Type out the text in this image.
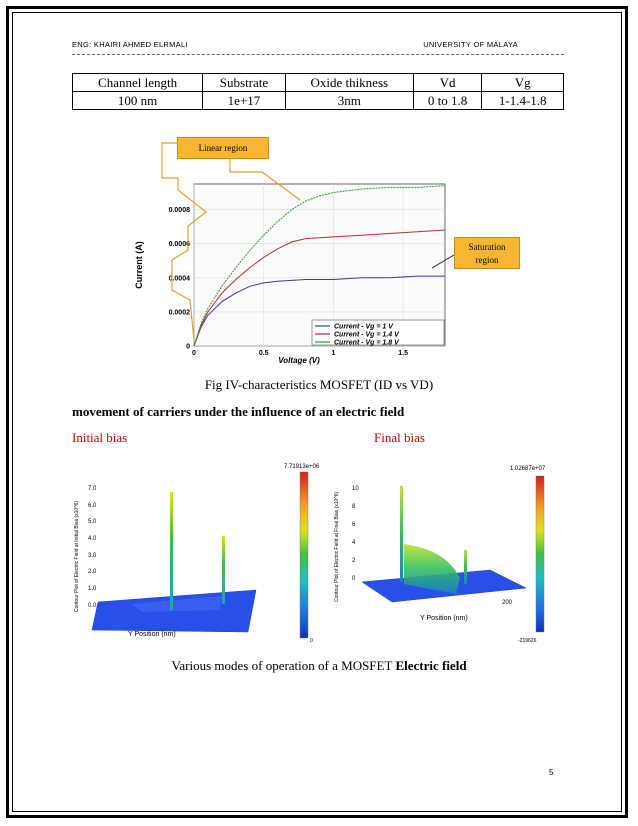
ENG: KHAIRI AHMED ELRMALI	UNIVERSITY OF MALAYA
Channel length	Substrate	Oxide thikness	Vd	Vg
100 nm	1e+17	3nm	0 to 1.8	1-1.4-1.8
0	0.5	1	1.5
0
0.0002
0.0004
0.0006
0.0008
Current - Vg = 1 V
Current - Vg = 1.4 V
Current - Vg = 1.8 V
Current (A)
Voltage (V)
Linear region
Saturation
region
Fig IV-characteristics MOSFET (ID vs VD)
movement of carriers under the influence of an electric field
Initial bias	Final bias
Contour Plot of Electric Field at Initial Bias (x10^6)
7.0
6.0
5.0
4.0
3.0
2.0
1.0
0.0
Y Position (nm)
7.71913e+06
0
Contour Plot of Electric Field at Final Bias (x10^6)
10
8
6
4
2
0
Y Position (nm)
200
1.02687e+07
-219626
Various modes of operation of a MOSFET Electric field
5
